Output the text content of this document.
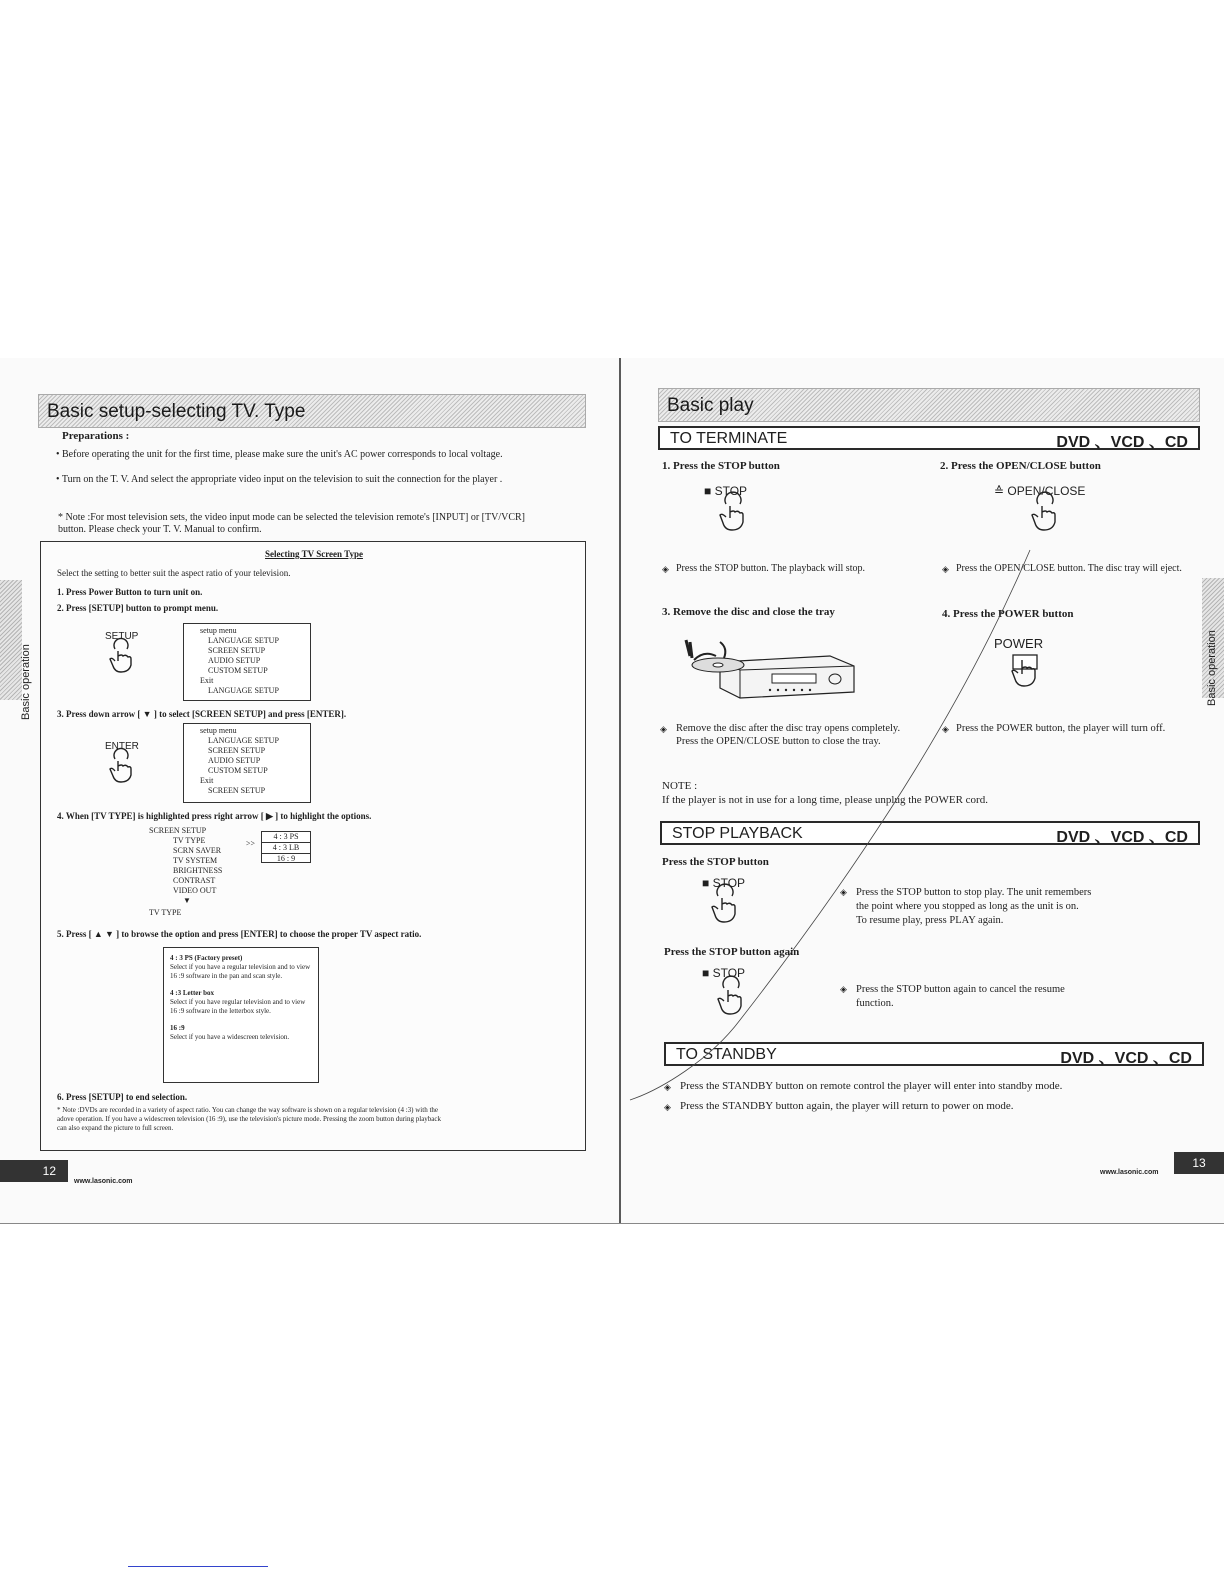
Basic setup-selecting TV. Type
Basic operation
Preparations :
• Before operating the unit for the first time, please make sure the unit's AC power corresponds to local voltage.
• Turn on the T. V. And select the appropriate video input on the television to suit the connection for the player .
* Note :For most television sets, the video input mode can be selected the television remote's [INPUT] or [TV/VCR] button. Please check your T. V. Manual to confirm.
Selecting TV Screen Type
Select the setting to better suit the aspect ratio of your television.
1. Press Power Button to turn unit on.
2. Press [SETUP] button to prompt menu.
SETUP
setup menu
LANGUAGE SETUP
SCREEN SETUP
AUDIO SETUP
CUSTOM SETUP
Exit
LANGUAGE SETUP
3. Press down arrow [ ▼ ] to select [SCREEN SETUP] and press [ENTER].
ENTER
setup menu
LANGUAGE SETUP
SCREEN SETUP
AUDIO SETUP
CUSTOM SETUP
Exit
SCREEN SETUP
4. When [TV TYPE] is highlighted press right arrow [ ▶ ] to highlight the options.
SCREEN SETUP
TV TYPE
SCRN SAVER
TV SYSTEM
BRIGHTNESS
CONTRAST
VIDEO OUT
▼
TV TYPE
>>
4 : 3 PS
4 : 3 LB
16 : 9
5. Press [ ▲ ▼ ] to browse the option and press [ENTER] to choose the proper TV aspect ratio.
4 : 3 PS (Factory preset)
Select if you have a regular television and to view 16 :9 software in the pan and scan style.
4 :3 Letter box
Select if you have regular television and to view 16 :9 software in the letterbox style.
16 :9
Select if you have a widescreen television.
6. Press [SETUP] to end selection.
* Note :DVDs are recorded in a variety of aspect ratio. You can change the way software is shown on a regular television (4 :3) with the adove operation. If you have a widescreen television (16 :9), use the television's picture mode. Pressing the zoom button during playback can also expand the picture to full screen.
12
www.lasonic.com
Basic play
Basic operation
TO TERMINATE	DVD 、VCD 、CD
1. Press the STOP button
■ STOP
2. Press the OPEN/CLOSE button
≙ OPEN/CLOSE
◈ Press the STOP button. The playback will stop.	◈ Press the OPEN/CLOSE button. The disc tray will eject.
3. Remove the disc and close the tray	4. Press the POWER button
POWER
◈ Remove the disc after the disc tray opens completely. Press the OPEN/CLOSE button to close the tray.
◈ Press the POWER button, the player will turn off.
NOTE :
If the player is not in use for a long time, please unplug the POWER cord.
STOP PLAYBACK	DVD 、VCD 、CD
Press the STOP button
■ STOP
◈ Press the STOP button to stop play. The unit remembers
the point where you stopped as long as the unit is on.
To resume play, press PLAY again.
Press the STOP button again
■ STOP
◈ Press the STOP button again to cancel the resume
function.
TO STANDBY	DVD 、VCD 、CD
◈ Press the STANDBY button on remote control the player will enter into standby mode.
◈ Press the STANDBY button again, the player will return to power on mode.
www.lasonic.com
13
